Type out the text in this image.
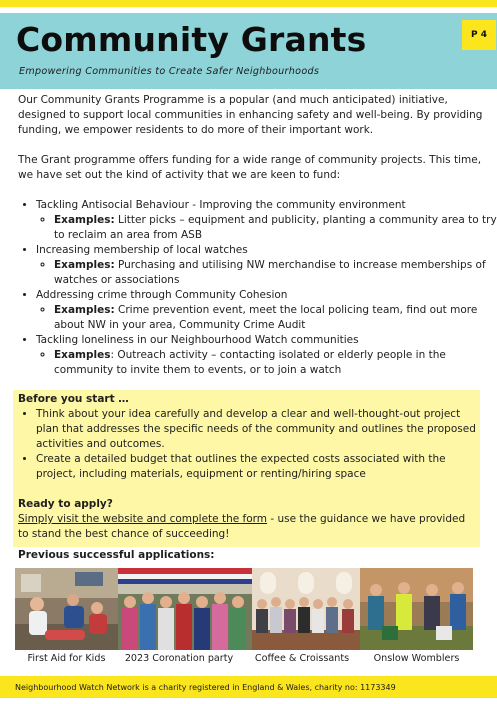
Community Grants
Empowering Communities to Create Safer Neighbourhoods
P 4

Our Community Grants Programme is a popular (and much anticipated) initiative, designed to support local communities in enhancing safety and well-being. By providing funding, we empower residents to do more of their important work.

The Grant programme offers funding for a wide range of community projects. This time, we have set out the kind of activity that we are keen to fund:

• Tackling Antisocial Behaviour - Improving the community environment
◦ Examples: Litter picks – equipment and publicity, planting a community area to try to reclaim an area from ASB
• Increasing membership of local watches
◦ Examples: Purchasing and utilising NW merchandise to increase memberships of watches or associations
• Addressing crime through Community Cohesion
◦ Examples: Crime prevention event, meet the local policing team, find out more about NW in your area, Community Crime Audit
• Tackling loneliness in our Neighbourhood Watch communities
◦ Examples: Outreach activity – contacting isolated or elderly people in the community to invite them to events, or to join a watch
Before you start …
• Think about your idea carefully and develop a clear and well-thought-out project plan that addresses the specific needs of the community and outlines the proposed activities and outcomes.
• Create a detailed budget that outlines the expected costs associated with the project, including materials, equipment or renting/hiring space
Ready to apply?
Simply visit the website and complete the form - use the guidance we have provided to stand the best chance of succeeding!
Previous successful applications:
First Aid for Kids	2023 Coronation party	Coffee & Croissants	Onslow Womblers
Neighbourhood Watch Network is a charity registered in England & Wales, charity no: 1173349
